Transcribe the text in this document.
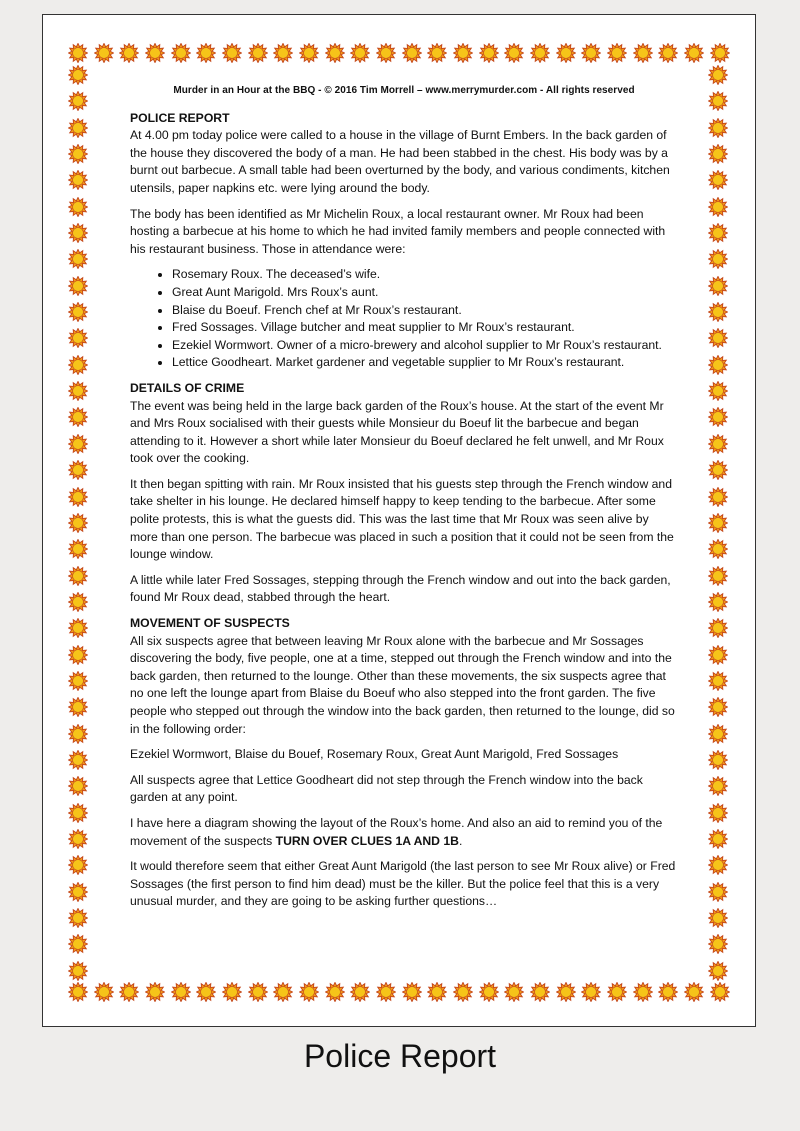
Murder in an Hour at the BBQ - © 2016 Tim Morrell – www.merrymurder.com - All rights reserved
POLICE REPORT

At 4.00 pm today police were called to a house in the village of Burnt Embers. In the back garden of the house they discovered the body of a man. He had been stabbed in the chest. His body was by a burnt out barbecue. A small table had been overturned by the body, and various condiments, kitchen utensils, paper napkins etc. were lying around the body.

The body has been identified as Mr Michelin Roux, a local restaurant owner. Mr Roux had been hosting a barbecue at his home to which he had invited family members and people connected with his restaurant business. Those in attendance were:

• Rosemary Roux. The deceased’s wife.
• Great Aunt Marigold. Mrs Roux’s aunt.
• Blaise du Boeuf. French chef at Mr Roux’s restaurant.
• Fred Sossages. Village butcher and meat supplier to Mr Roux’s restaurant.
• Ezekiel Wormwort. Owner of a micro-brewery and alcohol supplier to Mr Roux’s restaurant.
• Lettice Goodheart. Market gardener and vegetable supplier to Mr Roux’s restaurant.
DETAILS OF CRIME

The event was being held in the large back garden of the Roux’s house. At the start of the event Mr and Mrs Roux socialised with their guests while Monsieur du Boeuf lit the barbecue and began attending to it. However a short while later Monsieur du Boeuf declared he felt unwell, and Mr Roux took over the cooking.

It then began spitting with rain. Mr Roux insisted that his guests step through the French window and take shelter in his lounge. He declared himself happy to keep tending to the barbecue. After some polite protests, this is what the guests did. This was the last time that Mr Roux was seen alive by more than one person. The barbecue was placed in such a position that it could not be seen from the lounge window.

A little while later Fred Sossages, stepping through the French window and out into the back garden, found Mr Roux dead, stabbed through the heart.

MOVEMENT OF SUSPECTS

All six suspects agree that between leaving Mr Roux alone with the barbecue and Mr Sossages discovering the body, five people, one at a time, stepped out through the French window and into the back garden, then returned to the lounge. Other than these movements, the six suspects agree that no one left the lounge apart from Blaise du Boeuf who also stepped into the front garden. The five people who stepped out through the window into the back garden, then returned to the lounge, did so in the following order:

Ezekiel Wormwort, Blaise du Bouef, Rosemary Roux, Great Aunt Marigold, Fred Sossages

All suspects agree that Lettice Goodheart did not step through the French window into the back garden at any point.

I have here a diagram showing the layout of the Roux’s home. And also an aid to remind you of the movement of the suspects TURN OVER CLUES 1A AND 1B.

It would therefore seem that either Great Aunt Marigold (the last person to see Mr Roux alive) or Fred Sossages (the first person to find him dead) must be the killer. But the police feel that this is a very unusual murder, and they are going to be asking further questions…

Police Report
